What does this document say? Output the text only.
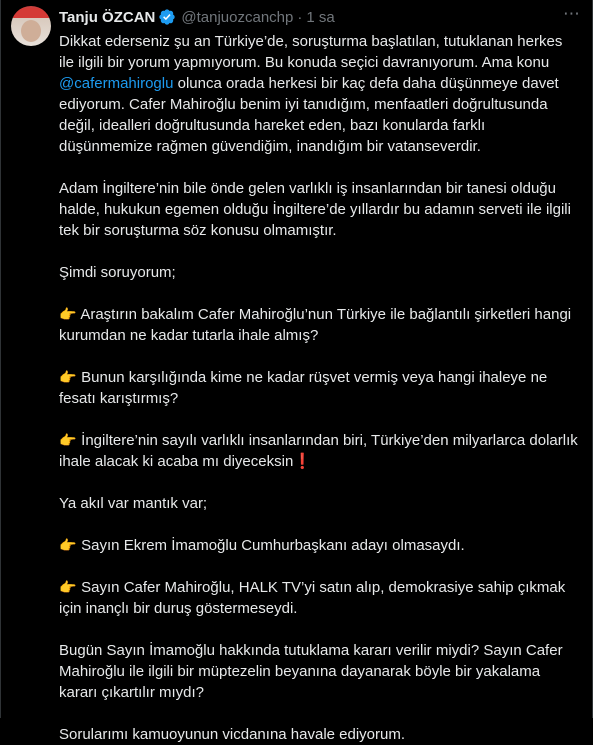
Tanju ÖZCAN @tanjuozcanchp · 1 sa	⋯

Dikkat ederseniz şu an Türkiye’de, soruşturma başlatılan, tutuklanan herkes ile ilgili bir yorum yapmıyorum. Bu konuda seçici davranıyorum. Ama konu @cafermahiroglu olunca orada herkesi bir kaç defa daha düşünmeye davet ediyorum. Cafer Mahiroğlu benim iyi tanıdığım, menfaatleri doğrultusunda değil, idealleri doğrultusunda hareket eden, bazı konularda farklı düşünmemize rağmen güvendiğim, inandığım bir vatanseverdir.

Adam İngiltere’nin bile önde gelen varlıklı iş insanlarından bir tanesi olduğu halde, hukukun egemen olduğu İngiltere’de yıllardır bu adamın serveti ile ilgili tek bir soruşturma söz konusu olmamıştır.

Şimdi soruyorum;

👉 Araştırın bakalım Cafer Mahiroğlu’nun Türkiye ile bağlantılı şirketleri hangi kurumdan ne kadar tutarla ihale almış?

👉 Bunun karşılığında kime ne kadar rüşvet vermiş veya hangi ihaleye ne fesatı karıştırmış?

👉 İngiltere’nin sayılı varlıklı insanlarından biri, Türkiye’den milyarlarca dolarlık ihale alacak ki acaba mı diyeceksin❗

Ya akıl var mantık var;

👉 Sayın Ekrem İmamoğlu Cumhurbaşkanı adayı olmasaydı.

👉 Sayın Cafer Mahiroğlu, HALK TV’yi satın alıp, demokrasiye sahip çıkmak için inançlı bir duruş göstermeseydi.

Bugün Sayın İmamoğlu hakkında tutuklama kararı verilir miydi? Sayın Cafer Mahiroğlu ile ilgili bir müptezelin beyanına dayanarak böyle bir yakalama kararı çıkartılır mıydı?

Sorularımı kamuoyunun vicdanına havale ediyorum.
